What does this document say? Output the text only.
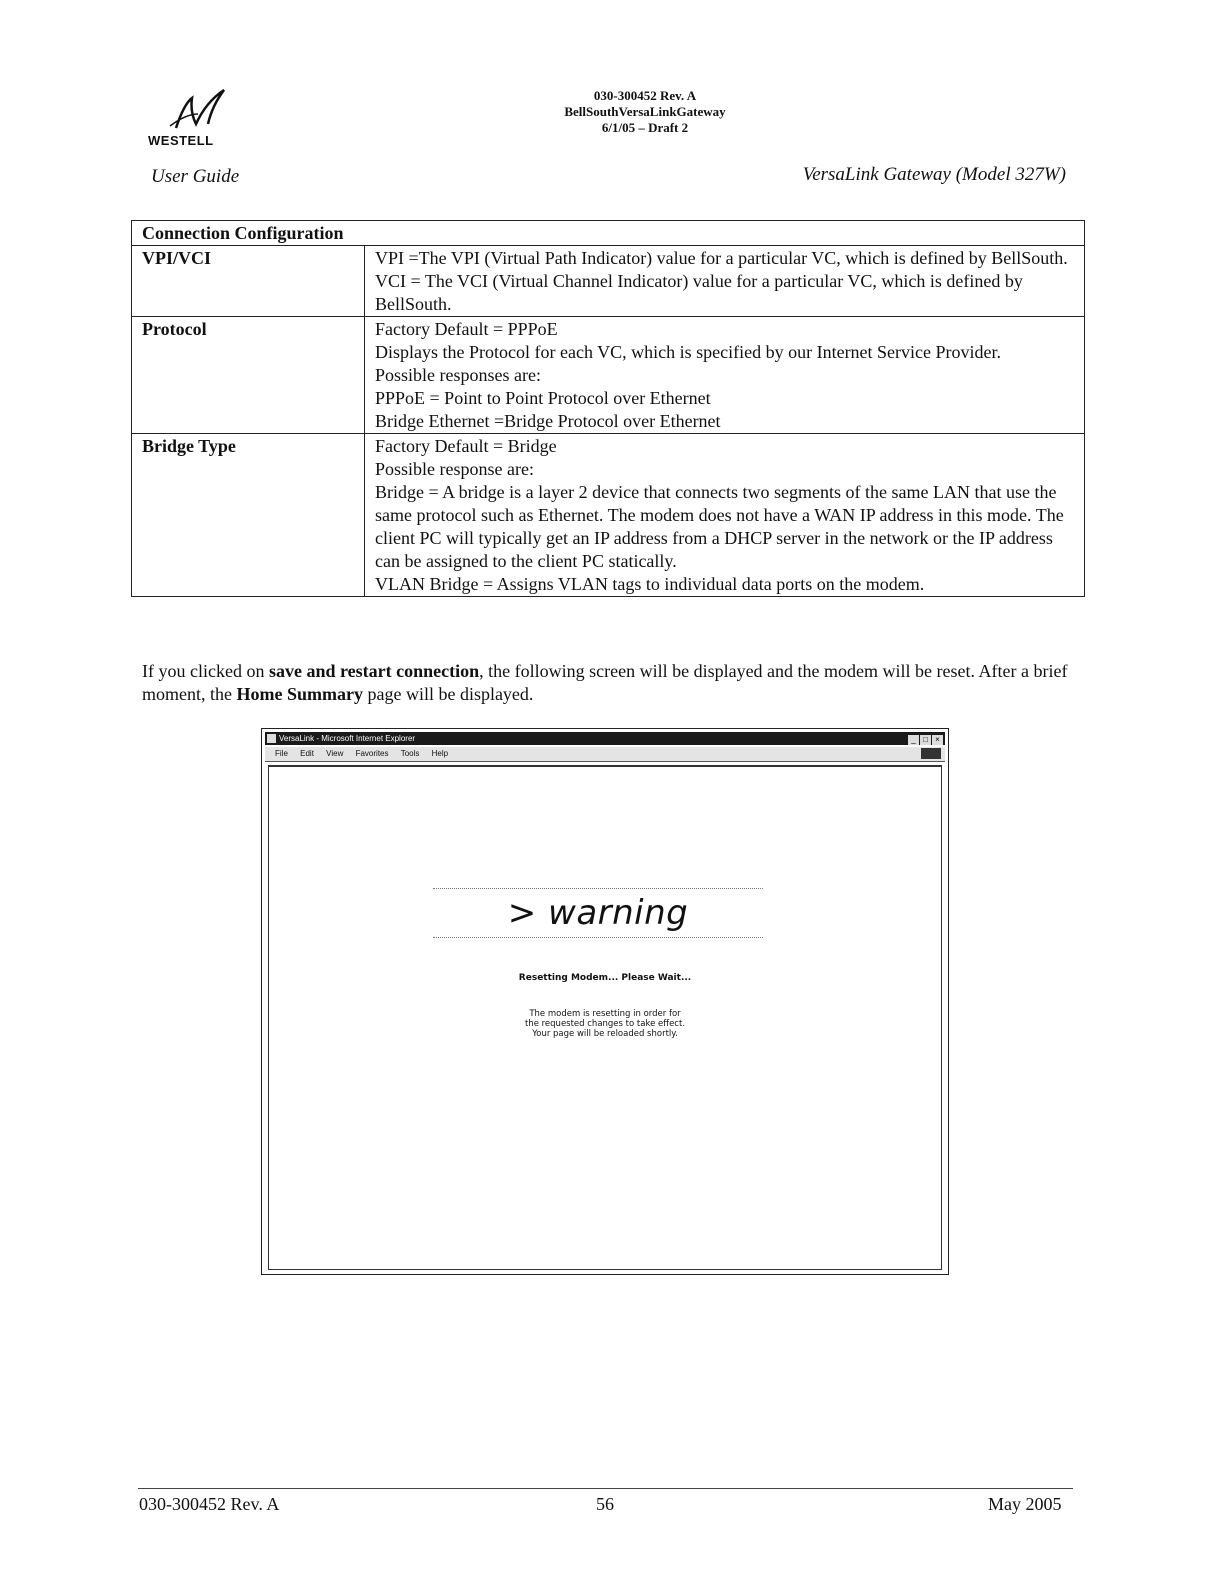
WESTELL
030-300452 Rev. A
BellSouthVersaLinkGateway
6/1/05 – Draft 2
User Guide	VersaLink Gateway (Model 327W)
Connection Configuration	
VPI/VCI	VPI =The VPI (Virtual Path Indicator) value for a particular VC, which is defined by BellSouth.
VCI = The VCI (Virtual Channel Indicator) value for a particular VC, which is defined by BellSouth.

Protocol	Factory Default = PPPoE
Displays the Protocol for each VC, which is specified by our Internet Service Provider.
Possible responses are:
PPPoE = Point to Point Protocol over Ethernet
Bridge Ethernet =Bridge Protocol over Ethernet

Bridge Type	Factory Default = Bridge
Possible response are:
Bridge = A bridge is a layer 2 device that connects two segments of the same LAN that use the same protocol such as Ethernet. The modem does not have a WAN IP address in this mode. The client PC will typically get an IP address from a DHCP server in the network or the IP address can be assigned to the client PC statically.
VLAN Bridge = Assigns VLAN tags to individual data ports on the modem.
If you clicked on save and restart connection, the following screen will be displayed and the modem will be reset. After a brief moment, the Home Summary page will be displayed.
VersaLink - Microsoft Internet Explorer	_ □ ×
File Edit View Favorites Tools Help
> warning
Resetting Modem... Please Wait...
The modem is resetting in order for
the requested changes to take effect.
Your page will be reloaded shortly.
030-300452 Rev. A	56	May 2005
